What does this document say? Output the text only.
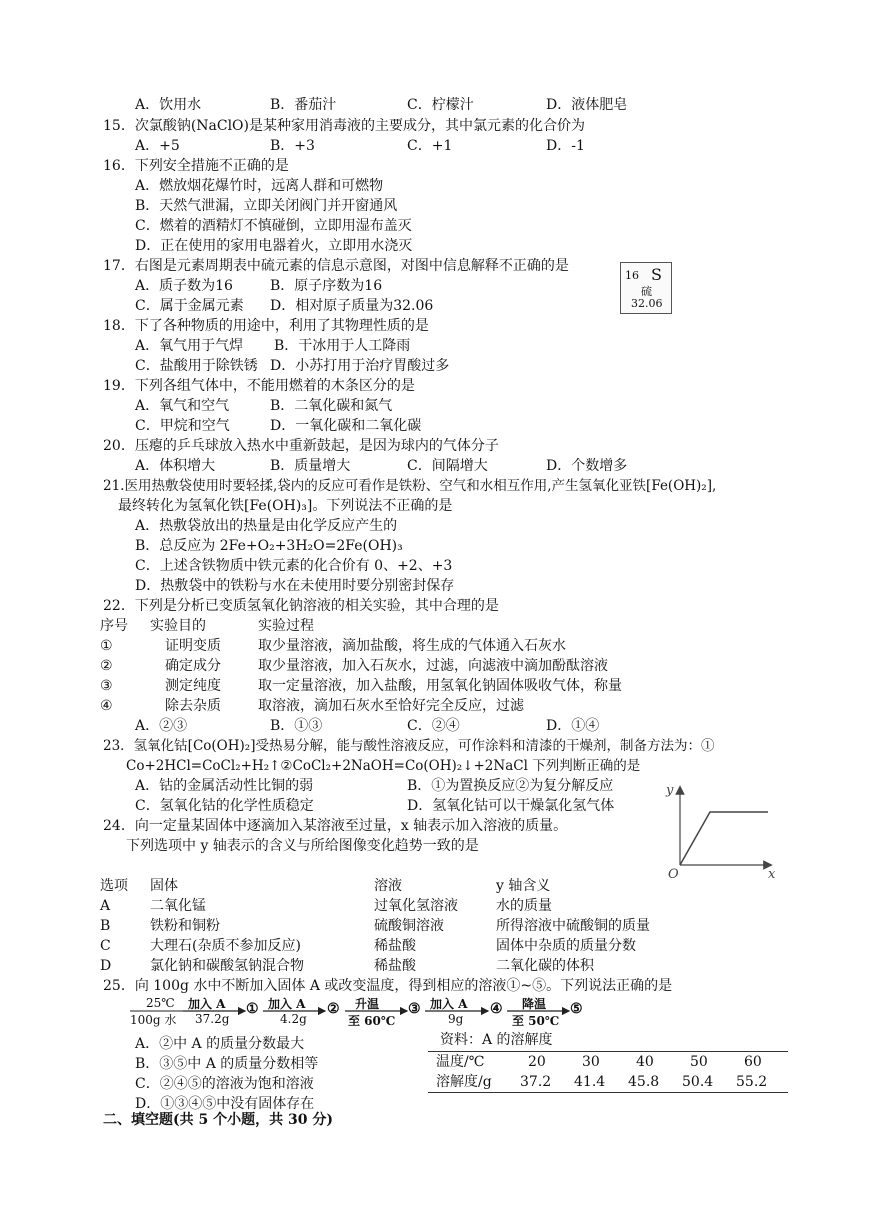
A．饮用水	B．番茄汁	C．柠檬汁	D．液体肥皂
15．次氯酸钠(NaClO)是某种家用消毒液的主要成分，其中氯元素的化合价为
A．+5	B．+3	C．+1	D．-1
16．下列安全措施不正确的是
A．燃放烟花爆竹时，远离人群和可燃物
B．天然气泄漏，立即关闭阀门并开窗通风
C．燃着的酒精灯不慎碰倒，立即用湿布盖灭
D．正在使用的家用电器着火，立即用水浇灭
17．右图是元素周期表中硫元素的信息示意图，对图中信息解释不正确的是
A．质子数为16	B．原子序数为16
C．属于金属元素 D．相对原子质量为32.06
16 S
硫
32.06
18．下了各种物质的用途中，利用了其物理性质的是
A．氧气用于气焊 B．干冰用于人工降雨
C．盐酸用于除铁锈 D．小苏打用于治疗胃酸过多
19．下列各组气体中，不能用燃着的木条区分的是
A．氧气和空气	B．二氧化碳和氮气
C．甲烷和空气	D．一氧化碳和二氧化碳
20．压瘪的乒乓球放入热水中重新鼓起，是因为球内的气体分子
A．体积增大	B．质量增大	C．间隔增大	D．个数增多
21.医用热敷袋使用时要轻揉,袋内的反应可看作是铁粉、空气和水相互作用,产生氢氧化亚铁[Fe(OH)₂],
最终转化为氢氧化铁[Fe(OH)₃]。下列说法不正确的是
A．热敷袋放出的热量是由化学反应产生的
B．总反应为 2Fe+O₂+3H₂O=2Fe(OH)₃
C．上述含铁物质中铁元素的化合价有 0、+2、+3
D．热敷袋中的铁粉与水在未使用时要分别密封保存
22．下列是分析已变质氢氧化钠溶液的相关实验，其中合理的是
序号 实验目的	实验过程
①	证明变质	取少量溶液，滴加盐酸，将生成的气体通入石灰水
②	确定成分	取少量溶液，加入石灰水，过滤，向滤液中滴加酚酞溶液
③	测定纯度	取一定量溶液，加入盐酸，用氢氧化钠固体吸收气体，称量
④	除去杂质	取溶液，滴加石灰水至恰好完全反应，过滤
A．②③	B．①③	C．②④	D．①④
23．氢氧化钴[Co(OH)₂]受热易分解，能与酸性溶液反应，可作涂料和清漆的干燥剂，制备方法为：①
Co+2HCl=CoCl₂+H₂↑②CoCl₂+2NaOH=Co(OH)₂↓+2NaCl 下列判断正确的是
A．钴的金属活动性比铜的弱	B．①为置换反应②为复分解反应
C．氢氧化钴的化学性质稳定	D．氢氧化钴可以干燥氯化氢气体
y
x
O
24．向一定量某固体中逐滴加入某溶液至过量，x 轴表示加入溶液的质量。
下列选项中 y 轴表示的含义与所给图像变化趋势一致的是
选项 固体	溶液	y 轴含义
A	二氧化锰	过氧化氢溶液	水的质量
B	铁粉和铜粉	硫酸铜溶液	所得溶液中硫酸铜的质量
C	大理石(杂质不参加反应)	稀盐酸	固体中杂质的质量分数
D	氯化钠和碳酸氢钠混合物	稀盐酸	二氧化碳的体积
25．向 100g 水中不断加入固体 A 或改变温度，得到相应的溶液①~⑤。下列说法正确的是
25℃
100g 水
加入 A
37.2g
① 加入 A
4.2g
② 升温
至 60℃
③ 加入 A
9g
④ 降温
至 50℃
⑤
A．②中 A 的质量分数最大
B．③⑤中 A 的质量分数相等
C．②④⑤的溶液为饱和溶液
D．①③④⑤中没有固体存在
资料：A 的溶解度
温度/℃	20	30	40	50	60
溶解度/g 37.2 41.4 45.8 50.4 55.2
二、填空题(共 5 个小题，共 30 分)
